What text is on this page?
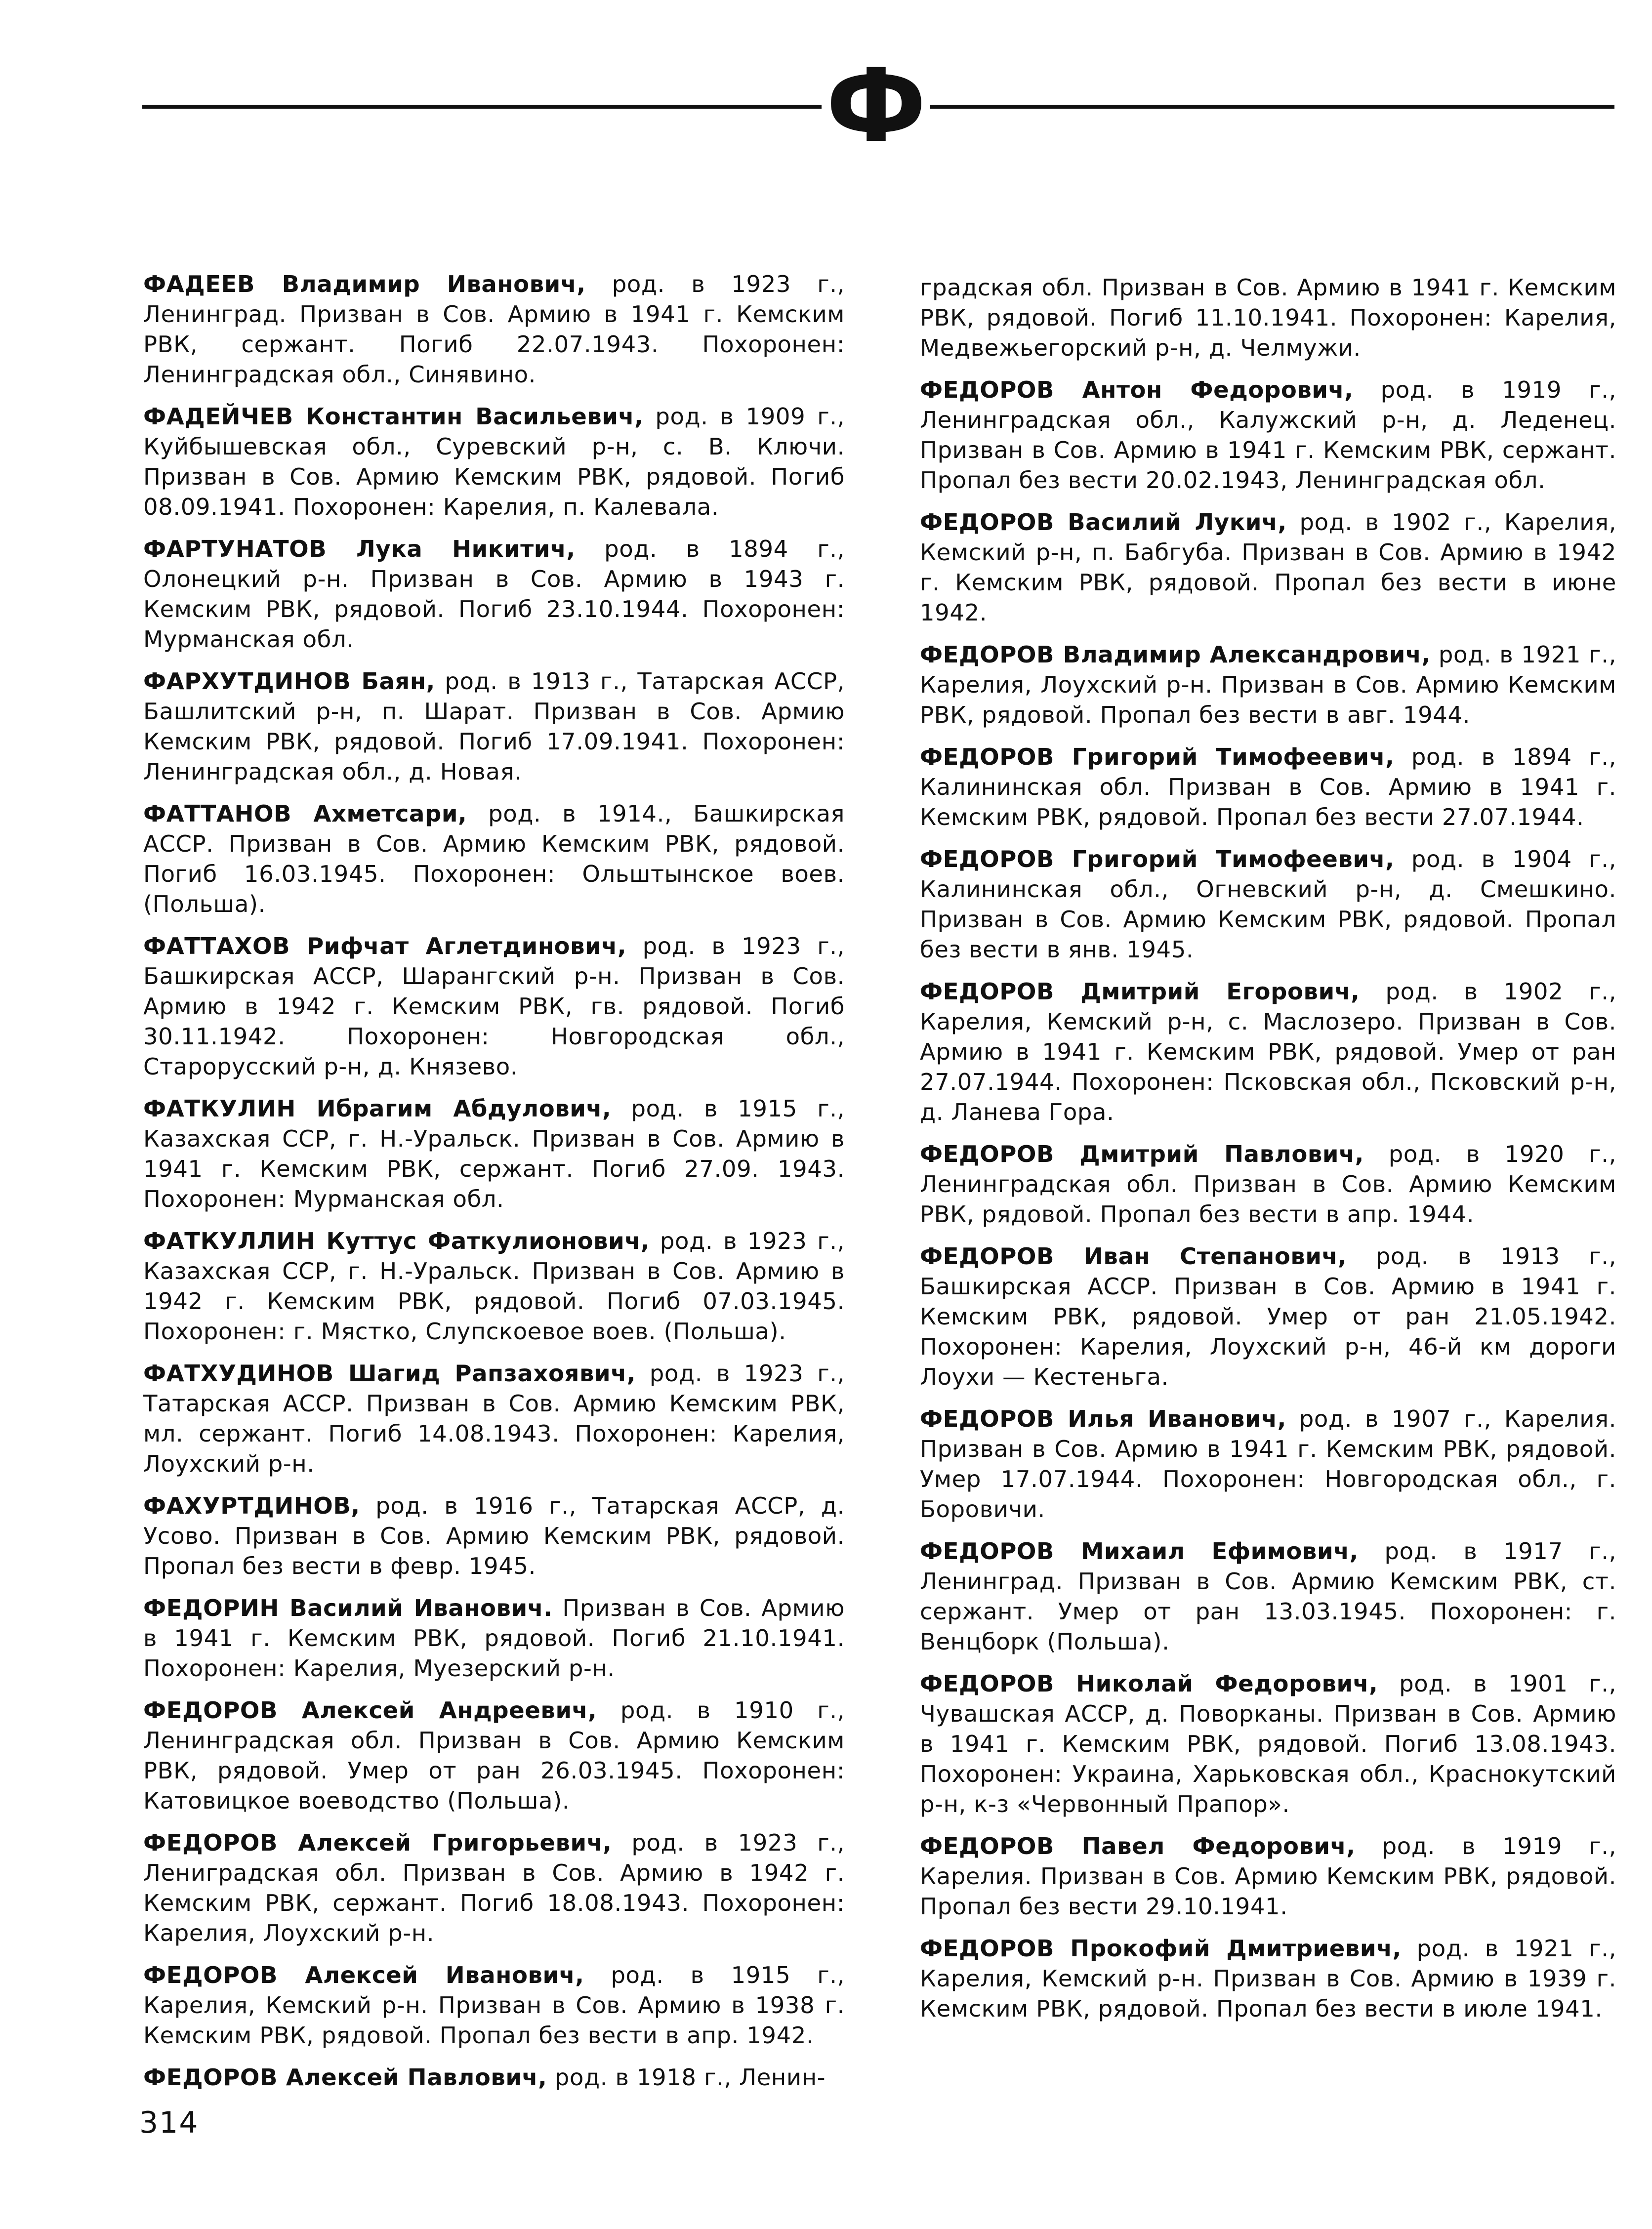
Ф

ФАДЕЕВ Владимир Иванович, род. в 1923 г., Ленинград. Призван в Сов. Армию в 1941 г. Кемским РВК, сержант. Погиб 22.07.1943. Похоронен: Ленинградская обл., Синявино.

ФАДЕЙЧЕВ Константин Васильевич, род. в 1909 г., Куйбышевская обл., Суревский р-н, с. В. Ключи. Призван в Сов. Армию Кемским РВК, рядовой. Погиб 08.09.1941. Похоронен: Карелия, п. Калевала.

ФАРТУНАТОВ Лука Никитич, род. в 1894 г., Олонецкий р-н. Призван в Сов. Армию в 1943 г. Кемским РВК, рядовой. Погиб 23.10.1944. Похоронен: Мурманская обл.

ФАРХУТДИНОВ Баян, род. в 1913 г., Татарская АССР, Башлитский р-н, п. Шарат. Призван в Сов. Армию Кемским РВК, рядовой. Погиб 17.09.1941. Похоронен: Ленинградская обл., д. Новая.

ФАТТАНОВ Ахметсари, род. в 1914., Башкирская АССР. Призван в Сов. Армию Кемским РВК, рядовой. Погиб 16.03.1945. Похоронен: Ольштынское воев. (Польша).

ФАТТАХОВ Рифчат Аглетдинович, род. в 1923 г., Башкирская АССР, Шарангский р-н. Призван в Сов. Армию в 1942 г. Кемским РВК, гв. рядовой. Погиб 30.11.1942. Похоронен: Новгородская обл., Старорусский р-н, д. Князево.

ФАТКУЛИН Ибрагим Абдулович, род. в 1915 г., Казахская ССР, г. Н.-Уральск. Призван в Сов. Армию в 1941 г. Кемским РВК, сержант. Погиб 27.09. 1943. Похоронен: Мурманская обл.

ФАТКУЛЛИН Куттус Фаткулионович, род. в 1923 г., Казахская ССР, г. Н.-Уральск. Призван в Сов. Армию в 1942 г. Кемским РВК, рядовой. Погиб 07.03.1945. Похоронен: г. Мястко, Слупскоевое воев. (Польша).

ФАТХУДИНОВ Шагид Рапзахоявич, род. в 1923 г., Татарская АССР. Призван в Сов. Армию Кемским РВК, мл. сержант. Погиб 14.08.1943. Похоронен: Карелия, Лоухский р-н.

ФАХУРТДИНОВ, род. в 1916 г., Татарская АССР, д. Усово. Призван в Сов. Армию Кемским РВК, рядовой. Пропал без вести в февр. 1945.

ФЕДОРИН Василий Иванович. Призван в Сов. Армию в 1941 г. Кемским РВК, рядовой. Погиб 21.10.1941. Похоронен: Карелия, Муезерский р-н.

ФЕДОРОВ Алексей Андреевич, род. в 1910 г., Ленинградская обл. Призван в Сов. Армию Кемским РВК, рядовой. Умер от ран 26.03.1945. Похоронен: Катовицкое воеводство (Польша).

ФЕДОРОВ Алексей Григорьевич, род. в 1923 г., Лениградская обл. Призван в Сов. Армию в 1942 г. Кемским РВК, сержант. Погиб 18.08.1943. Похоронен: Карелия, Лоухский р-н.

ФЕДОРОВ Алексей Иванович, род. в 1915 г., Карелия, Кемский р-н. Призван в Сов. Армию в 1938 г. Кемским РВК, рядовой. Пропал без вести в апр. 1942.

ФЕДОРОВ Алексей Павлович, род. в 1918 г., Ленин-

градская обл. Призван в Сов. Армию в 1941 г. Кемским РВК, рядовой. Погиб 11.10.1941. Похоронен: Карелия, Медвежьегорский р-н, д. Челмужи.

ФЕДОРОВ Антон Федорович, род. в 1919 г., Ленинградская обл., Калужский р-н, д. Леденец. Призван в Сов. Армию в 1941 г. Кемским РВК, сержант. Пропал без вести 20.02.1943, Ленинградская обл.

ФЕДОРОВ Василий Лукич, род. в 1902 г., Карелия, Кемский р-н, п. Бабгуба. Призван в Сов. Армию в 1942 г. Кемским РВК, рядовой. Пропал без вести в июне 1942.

ФЕДОРОВ Владимир Александрович, род. в 1921 г., Карелия, Лоухский р-н. Призван в Сов. Армию Кемским РВК, рядовой. Пропал без вести в авг. 1944.

ФЕДОРОВ Григорий Тимофеевич, род. в 1894 г., Калининская обл. Призван в Сов. Армию в 1941 г. Кемским РВК, рядовой. Пропал без вести 27.07.1944.

ФЕДОРОВ Григорий Тимофеевич, род. в 1904 г., Калининская обл., Огневский р-н, д. Смешкино. Призван в Сов. Армию Кемским РВК, рядовой. Пропал без вести в янв. 1945.

ФЕДОРОВ Дмитрий Егорович, род. в 1902 г., Карелия, Кемский р-н, с. Маслозеро. Призван в Сов. Армию в 1941 г. Кемским РВК, рядовой. Умер от ран 27.07.1944. Похоронен: Псковская обл., Псковский р-н, д. Ланева Гора.

ФЕДОРОВ Дмитрий Павлович, род. в 1920 г., Ленинградская обл. Призван в Сов. Армию Кемским РВК, рядовой. Пропал без вести в апр. 1944.

ФЕДОРОВ Иван Степанович, род. в 1913 г., Башкирская АССР. Призван в Сов. Армию в 1941 г. Кемским РВК, рядовой. Умер от ран 21.05.1942. Похоронен: Карелия, Лоухский р-н, 46-й км дороги Лоухи — Кестеньга.

ФЕДОРОВ Илья Иванович, род. в 1907 г., Карелия. Призван в Сов. Армию в 1941 г. Кемским РВК, рядовой. Умер 17.07.1944. Похоронен: Новгородская обл., г. Боровичи.

ФЕДОРОВ Михаил Ефимович, род. в 1917 г., Ленинград. Призван в Сов. Армию Кемским РВК, ст. сержант. Умер от ран 13.03.1945. Похоронен: г. Венцборк (Польша).

ФЕДОРОВ Николай Федорович, род. в 1901 г., Чувашская АССР, д. Поворканы. Призван в Сов. Армию в 1941 г. Кемским РВК, рядовой. Погиб 13.08.1943. Похоронен: Украина, Харьковская обл., Краснокутский р-н, к-з «Червонный Прапор».

ФЕДОРОВ Павел Федорович, род. в 1919 г., Карелия. Призван в Сов. Армию Кемским РВК, рядовой. Пропал без вести 29.10.1941.

ФЕДОРОВ Прокофий Дмитриевич, род. в 1921 г., Карелия, Кемский р-н. Призван в Сов. Армию в 1939 г. Кемским РВК, рядовой. Пропал без вести в июле 1941.

314
